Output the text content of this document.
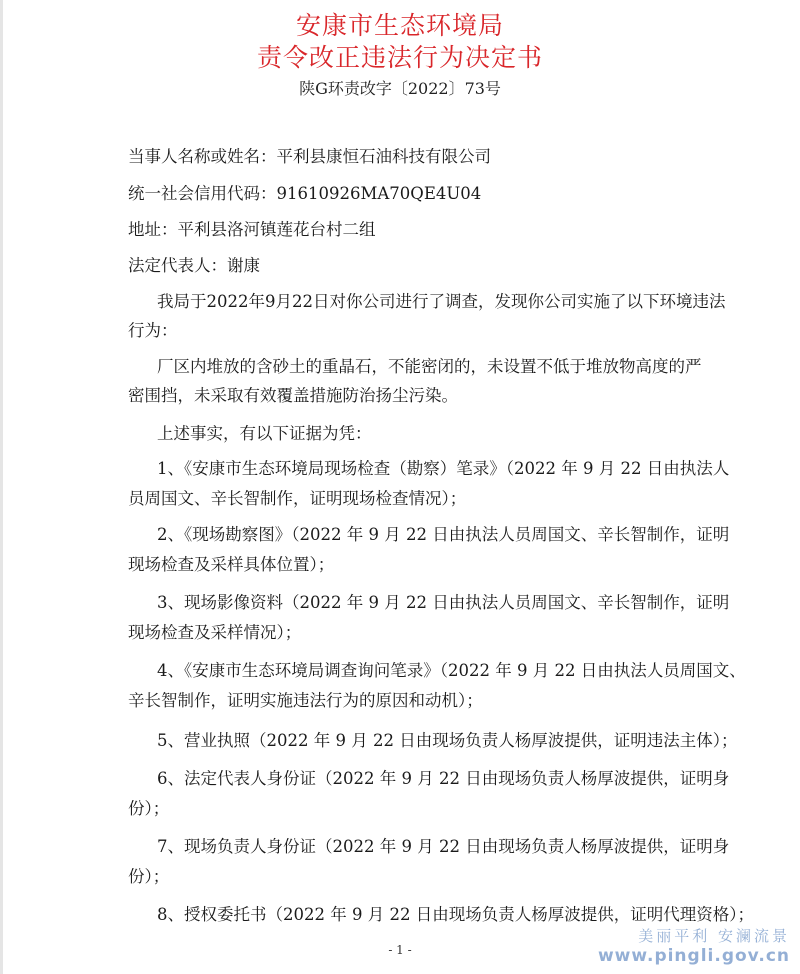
安康市生态环境局
责令改正违法行为决定书
陕G环责改字〔2022〕73号
当事人名称或姓名：平利县康恒石油科技有限公司
统一社会信用代码：91610926MA70QE4U04
地址：平利县洛河镇莲花台村二组
法定代表人：谢康
我局于2022年9月22日对你公司进行了调查，发现你公司实施了以下环境违法
行为：
厂区内堆放的含砂土的重晶石，不能密闭的，未设置不低于堆放物高度的严
密围挡，未采取有效覆盖措施防治扬尘污染。
上述事实，有以下证据为凭：
1、《安康市生态环境局现场检查（勘察）笔录》（2022 年 9 月 22 日由执法人
员周国文、辛长智制作，证明现场检查情况）；
2、《现场勘察图》（2022 年 9 月 22 日由执法人员周国文、辛长智制作，证明
现场检查及采样具体位置）；
3、现场影像资料（2022 年 9 月 22 日由执法人员周国文、辛长智制作，证明
现场检查及采样情况）；
4、《安康市生态环境局调查询问笔录》（2022 年 9 月 22 日由执法人员周国文、
辛长智制作，证明实施违法行为的原因和动机）；
5、营业执照（2022 年 9 月 22 日由现场负责人杨厚波提供，证明违法主体）；
6、法定代表人身份证（2022 年 9 月 22 日由现场负责人杨厚波提供，证明身
份）；
7、现场负责人身份证（2022 年 9 月 22 日由现场负责人杨厚波提供，证明身
份）；
8、授权委托书（2022 年 9 月 22 日由现场负责人杨厚波提供，证明代理资格）；
- 1 -
美丽平利 安澜流景
www.pingli.gov.cn
